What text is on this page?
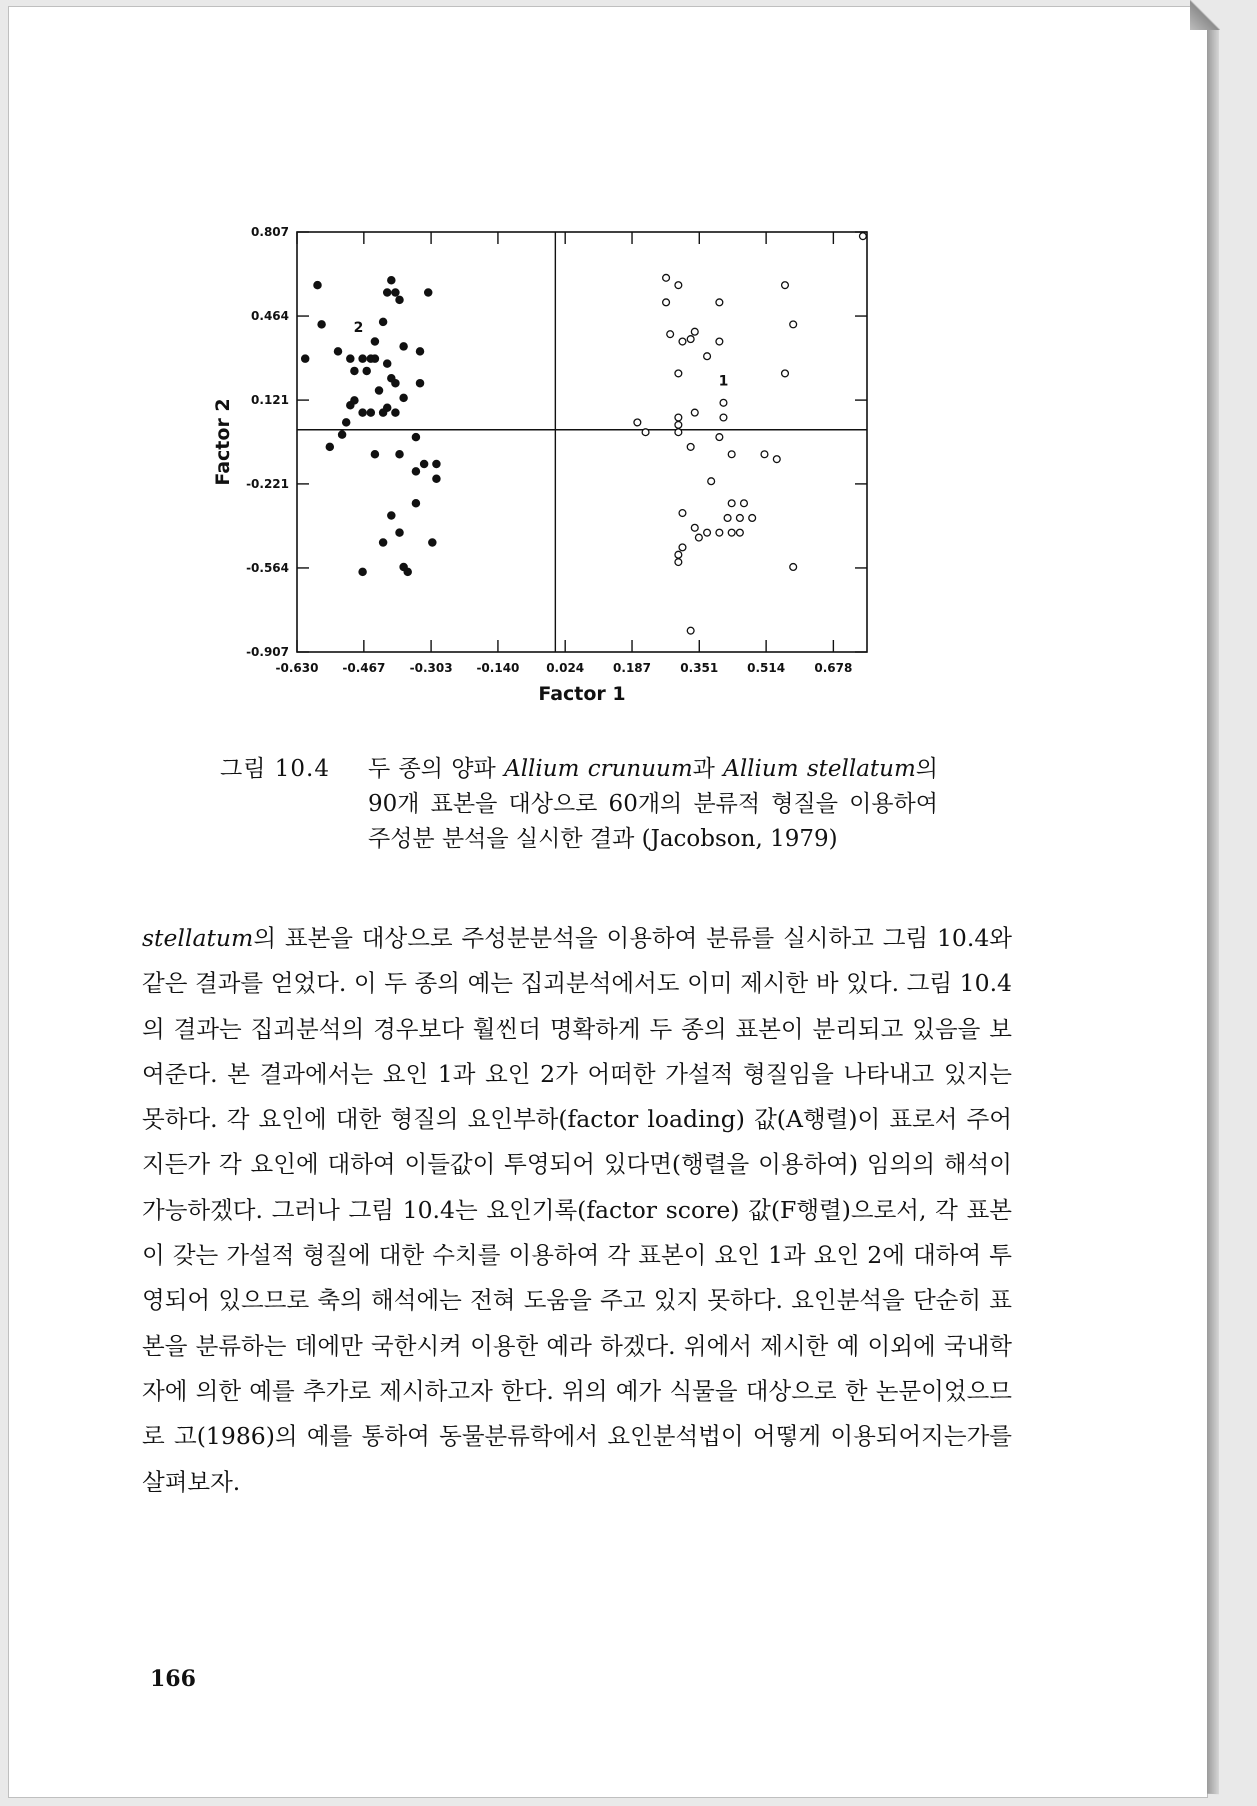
-0.630 -0.467 -0.303 -0.140 0.024 0.187 0.351 0.514 0.678
0.807
0.464
0.121
-0.221
-0.564
-0.907
Factor 1
Factor 2
2
1
그림 10.4	두 종의 양파 Allium crunuum과 Allium stellatum의 90개 표본을 대상으로 60개의 분류적 형질을 이용하여 주성분 분석을 실시한 결과 (Jacobson, 1979)

stellatum의 표본을 대상으로 주성분분석을 이용하여 분류를 실시하고 그림 10.4와 같은 결과를 얻었다. 이 두 종의 예는 집괴분석에서도 이미 제시한 바 있다. 그림 10.4의 결과는 집괴분석의 경우보다 훨씬더 명확하게 두 종의 표본이 분리되고 있음을 보여준다. 본 결과에서는 요인 1과 요인 2가 어떠한 가설적 형질임을 나타내고 있지는 못하다. 각 요인에 대한 형질의 요인부하(factor loading) 값(A행렬)이 표로서 주어지든가 각 요인에 대하여 이들값이 투영되어 있다면(행렬을 이용하여) 임의의 해석이 가능하겠다. 그러나 그림 10.4는 요인기록(factor score) 값(F행렬)으로서, 각 표본이 갖는 가설적 형질에 대한 수치를 이용하여 각 표본이 요인 1과 요인 2에 대하여 투영되어 있으므로 축의 해석에는 전혀 도움을 주고 있지 못하다. 요인분석을 단순히 표본을 분류하는 데에만 국한시켜 이용한 예라 하겠다. 위에서 제시한 예 이외에 국내학자에 의한 예를 추가로 제시하고자 한다. 위의 예가 식물을 대상으로 한 논문이었으므로 고(1986)의 예를 통하여 동물분류학에서 요인분석법이 어떻게 이용되어지는가를 살펴보자.

166
